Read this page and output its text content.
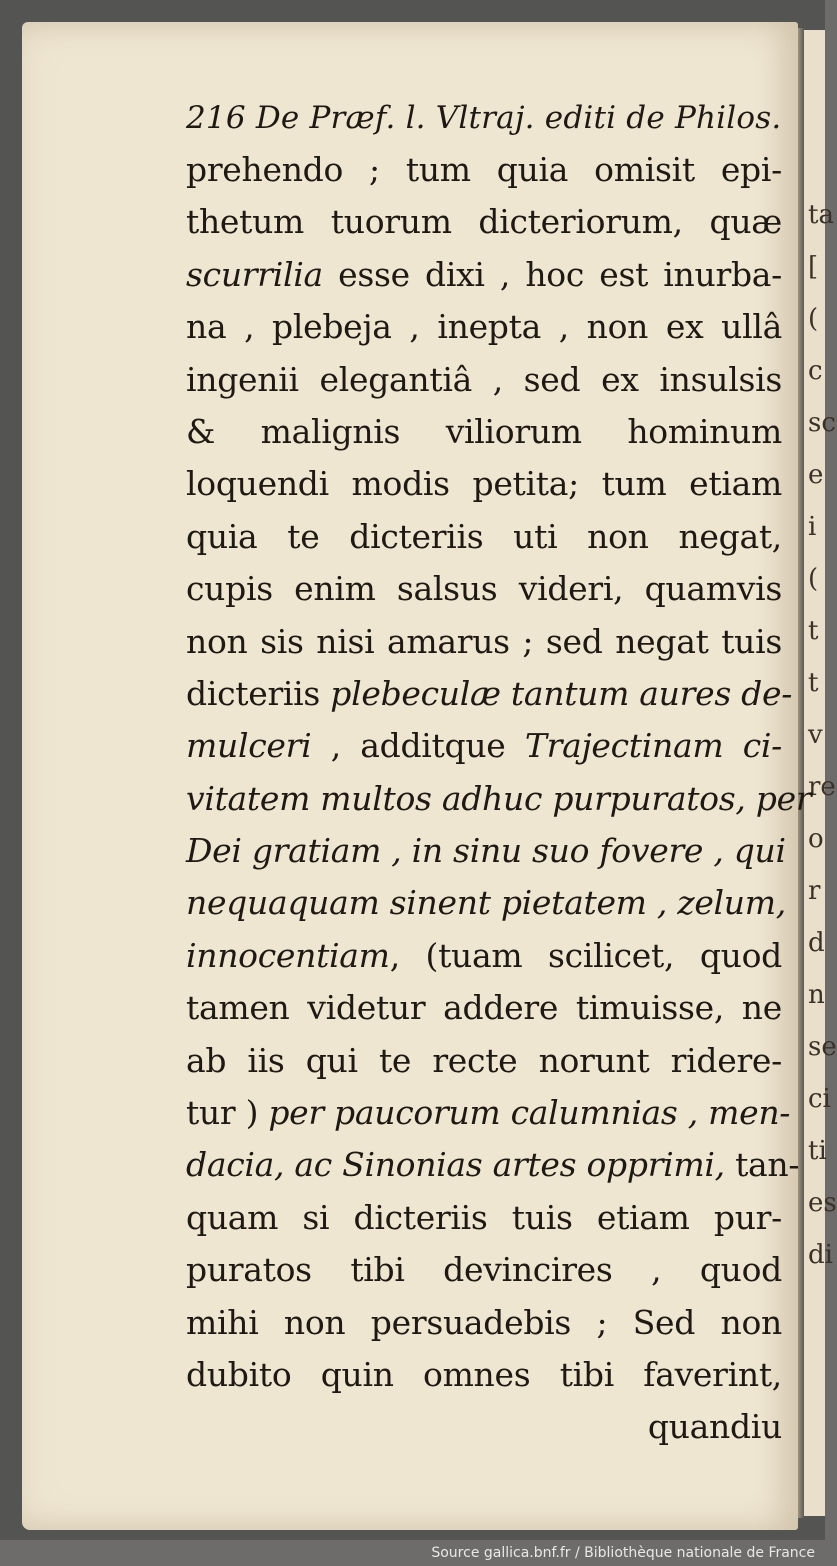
ta
[
(
c
sc
e
i
(
t
t
v
re
o
r
d
n
se
ci
ti
es
di
216 De Præf. l. Vltraj. editi de Philos.
prehendo ; tum quia omisit epi-
thetum tuorum dicteriorum, quæ
scurrilia esse dixi , hoc est inurba-
na , plebeja , inepta , non ex ullâ
ingenii elegantiâ , sed ex insulsis
& malignis viliorum hominum
loquendi modis petita; tum etiam
quia te dicteriis uti non negat,
cupis enim salsus videri, quamvis
non sis nisi amarus ; sed negat tuis
dicteriis plebeculæ tantum aures de-
mulceri , additque Trajectinam ci-
vitatem multos adhuc purpuratos, per
Dei gratiam , in sinu suo fovere , qui
nequaquam sinent pietatem , zelum,
innocentiam, (tuam scilicet, quod
tamen videtur addere timuisse, ne
ab iis qui te recte norunt ridere-
tur ) per paucorum calumnias , men-
dacia, ac Sinonias artes opprimi, tan-
quam si dicteriis tuis etiam pur-
puratos tibi devincires , quod
mihi non persuadebis ; Sed non
dubito quin omnes tibi faverint,
quandiu
Source gallica.bnf.fr / Bibliothèque nationale de France
